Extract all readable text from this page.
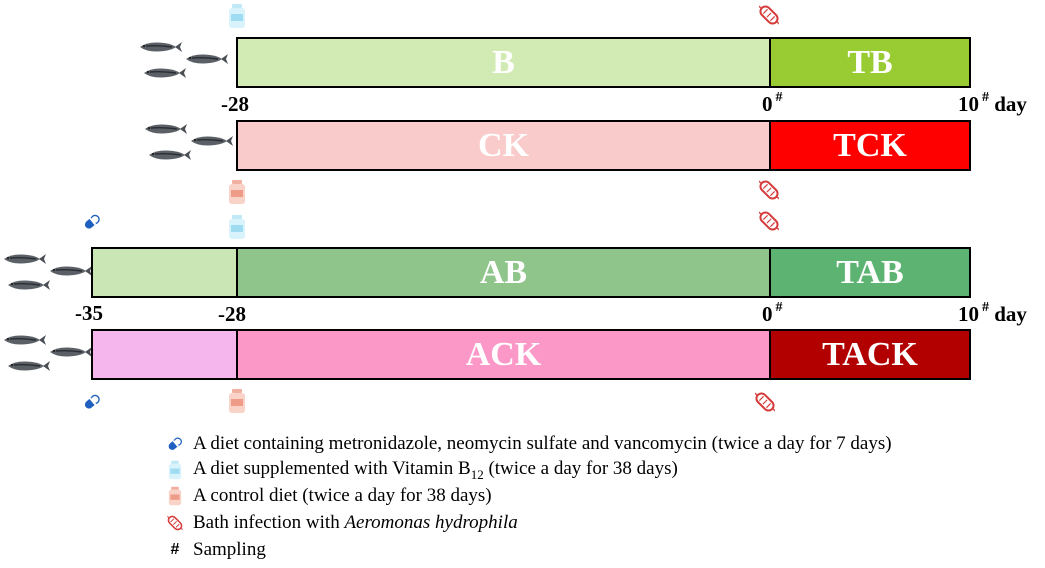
B	TB
-28	0 #	10 # day
CK	TCK
AB	TAB
-35	-28	0 #	10 # day
ACK	TACK
A diet containing metronidazole, neomycin sulfate and vancomycin (twice a day for 7 days)
A diet supplemented with Vitamin $B_{12}$ (twice a day for 38 days)
A control diet (twice a day for 38 days)
Bath infection with Aeromonas hydrophila
# Sampling
